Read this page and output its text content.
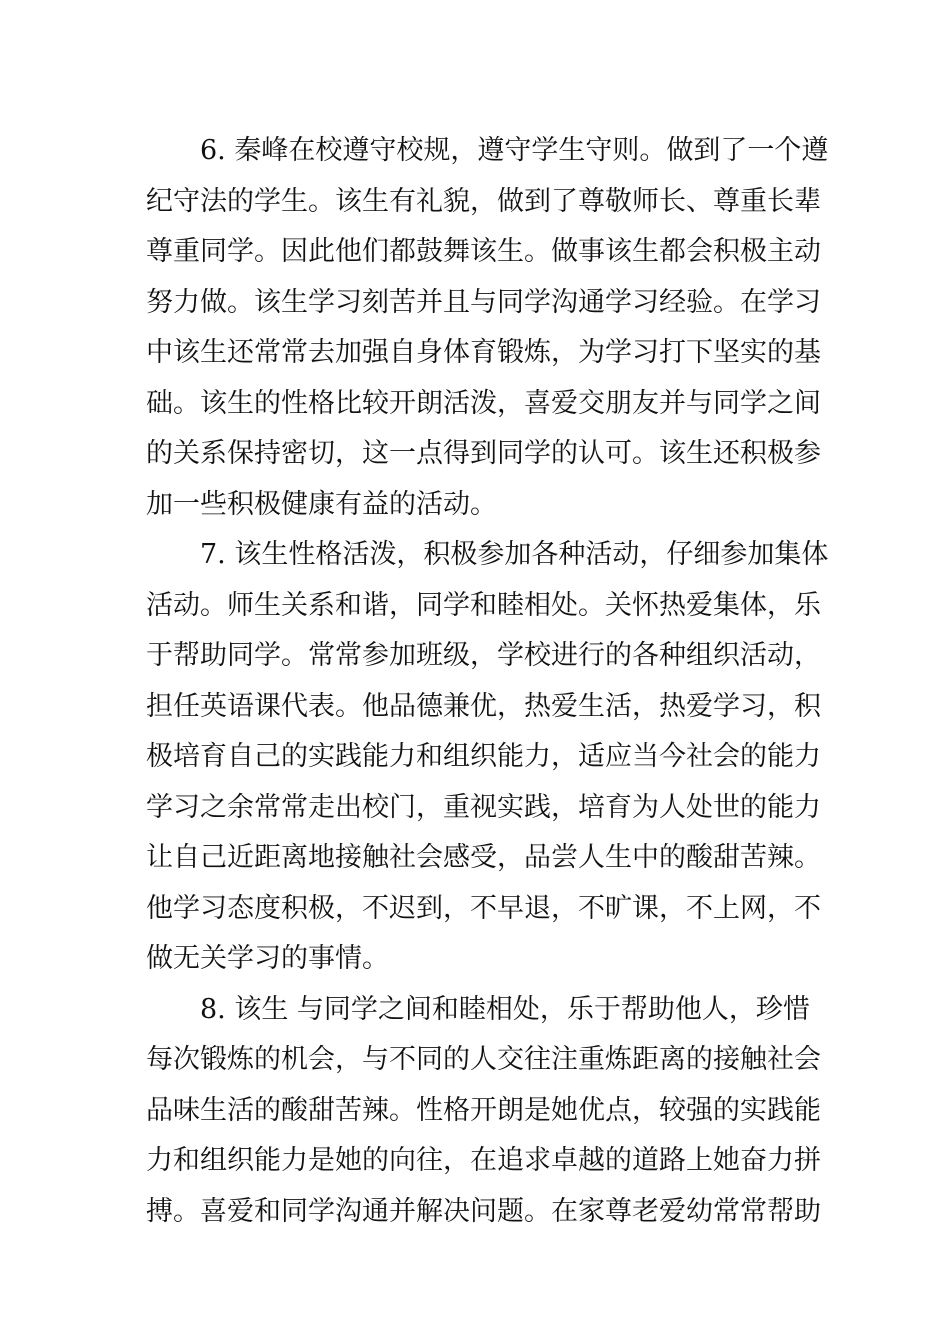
6. 秦峰在校遵守校规，遵守学生守则。做到了一个遵
纪守法的学生。该生有礼貌，做到了尊敬师长、尊重长辈
尊重同学。因此他们都鼓舞该生。做事该生都会积极主动
努力做。该生学习刻苦并且与同学沟通学习经验。在学习
中该生还常常去加强自身体育锻炼，为学习打下坚实的基
础。该生的性格比较开朗活泼，喜爱交朋友并与同学之间
的关系保持密切，这一点得到同学的认可。该生还积极参
加一些积极健康有益的活动。
7. 该生性格活泼，积极参加各种活动，仔细参加集体
活动。师生关系和谐，同学和睦相处。关怀热爱集体，乐
于帮助同学。常常参加班级，学校进行的各种组织活动，
担任英语课代表。他品德兼优，热爱生活，热爱学习，积
极培育自己的实践能力和组织能力，适应当今社会的能力
学习之余常常走出校门，重视实践，培育为人处世的能力
让自己近距离地接触社会感受，品尝人生中的酸甜苦辣。
他学习态度积极，不迟到，不早退，不旷课，不上网，不
做无关学习的事情。
8. 该生 与同学之间和睦相处，乐于帮助他人，珍惜
每次锻炼的机会，与不同的人交往注重炼距离的接触社会
品味生活的酸甜苦辣。性格开朗是她优点，较强的实践能
力和组织能力是她的向往，在追求卓越的道路上她奋力拼
搏。喜爱和同学沟通并解决问题。在家尊老爱幼常常帮助
